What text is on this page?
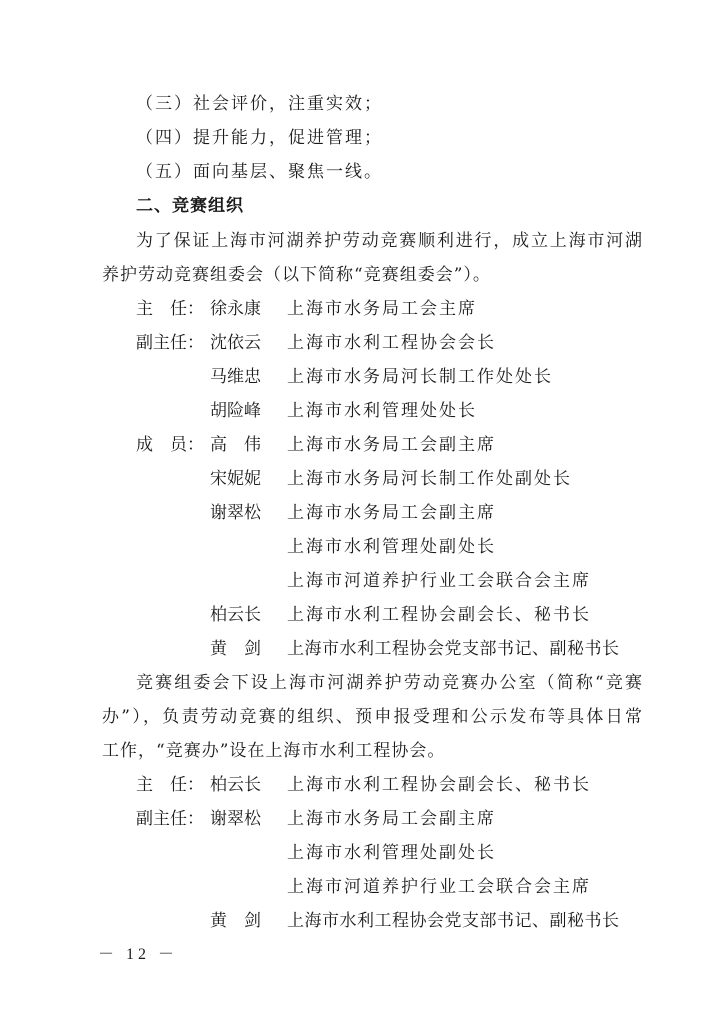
（三）社会评价，注重实效；
（四）提升能力，促进管理；
（五）面向基层、聚焦一线。
二、竞赛组织
为了保证上海市河湖养护劳动竞赛顺利进行，成立上海市河湖
养护劳动竞赛组委会（以下简称“竞赛组委会”）。
主　任： 徐永康 上海市水务局工会主席
副主任： 沈依云 上海市水利工程协会会长
马维忠 上海市水务局河长制工作处处长
胡险峰 上海市水利管理处处长
成　员： 高　伟 上海市水务局工会副主席
宋妮妮 上海市水务局河长制工作处副处长
谢翠松 上海市水务局工会副主席
上海市水利管理处副处长
上海市河道养护行业工会联合会主席
柏云长 上海市水利工程协会副会长、秘书长
黄　剑 上海市水利工程协会党支部书记、副秘书长
竞赛组委会下设上海市河湖养护劳动竞赛办公室（简称“竞赛
办”），负责劳动竞赛的组织、预申报受理和公示发布等具体日常
工作，“竞赛办”设在上海市水利工程协会。
主　任： 柏云长 上海市水利工程协会副会长、秘书长
副主任： 谢翠松 上海市水务局工会副主席
上海市水利管理处副处长
上海市河道养护行业工会联合会主席
黄　剑 上海市水利工程协会党支部书记、副秘书长
－ 12 －
